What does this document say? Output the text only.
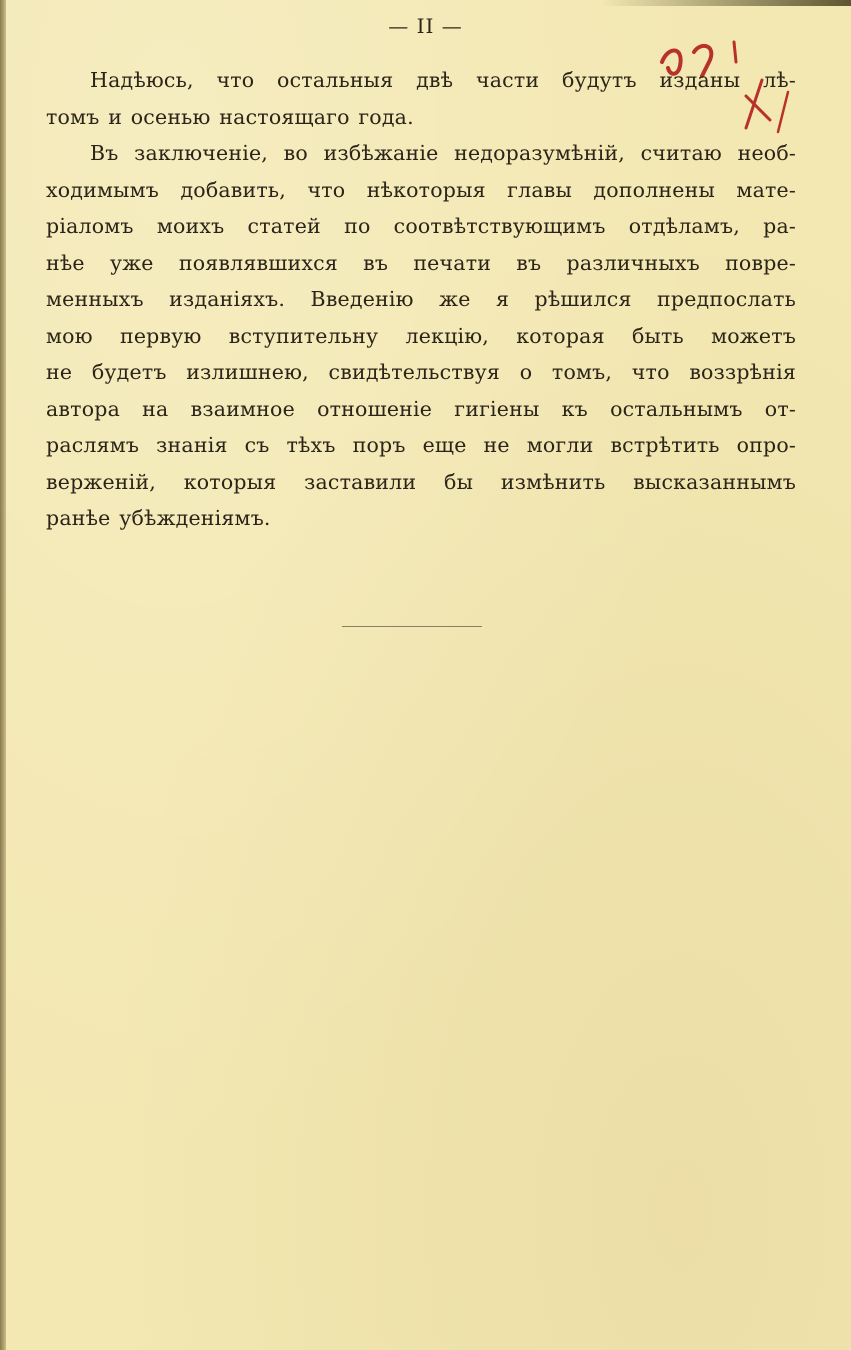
— II —
Надѣюсь, что остальныя двѣ части будутъ изданы лѣ-
томъ и осенью настоящаго года.
Въ заключеніе, во избѣжаніе недоразумѣній, считаю необ-
ходимымъ добавить, что нѣкоторыя главы дополнены мате-
ріаломъ моихъ статей по соотвѣтствующимъ отдѣламъ, ра-
нѣе уже появлявшихся въ печати въ различныхъ повре-
менныхъ изданіяхъ. Введенію же я рѣшился предпослать
мою первую вступительну лекцію, которая быть можетъ
не будетъ излишнею, свидѣтельствуя о томъ, что воззрѣнія
автора на взаимное отношеніе гигіены къ остальнымъ от-
раслямъ знанія съ тѣхъ поръ еще не могли встрѣтить опро-
верженій, которыя заставили бы измѣнить высказаннымъ
ранѣе убѣжденіямъ.
